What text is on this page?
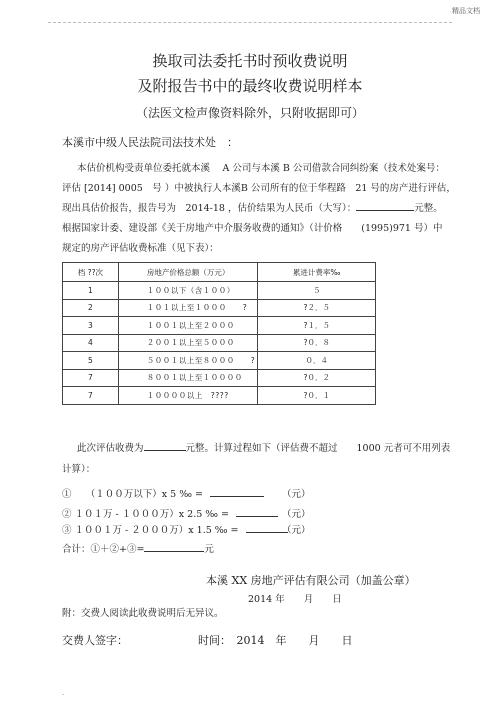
精品文档
换取司法委托书时预收费说明
及附报告书中的最终收费说明样本
（法医文检声像资料除外，只附收据即可）
本溪市中级人民法院司法技术处　：
本估价机构受责单位委托就本溪　 A 公司与本溪 B 公司借款合同纠纷案（技术处案号：
评估 [2014] 0005　号 ）中被执行人本溪B 公司所有的位于华程路　21 号的房产进行评估，
现出具估价报告，报告号为　2014-18 ，估价结果为人民币（大写）：	元整。
根据国家计委、建设部《关于房地产中介服务收费的通知》（计价格　　(1995)971 号）中
规定的房产评估收费标准（见下表）：
档 ??次	房地产价格总额（万元）	累进计费率‰
1	１００以下（含１００）	５
2	１０１以上至１０００　　?	?２．５
3	１００１以上至２０００	?１．５
4	２００１以上至５０００	?０．８
5	５００１以上至８０００　　?	０．４
7	８００１以上至１００００	?０．２
7	１００００以上　????	?０．１
此次评估收费为	元整。计算过程如下（评估费不超过　　1000 元者可不用列表
计算）：
①　　（１００万以下）x 5 ‰ =	（元）
② １０１万 - １０００万）x 2.5 ‰ =	（元）
③ １００１万 - ２０００万）x 1.5 ‰ =	（元）
合计：①＋②+③=	元
本溪 XX 房地产评估有限公司（加盖公章）
2014 年　　月　　日
附：交费人阅读此收费说明后无异议。
交费人签字：	时间：　2014　年　　月　　日
.
